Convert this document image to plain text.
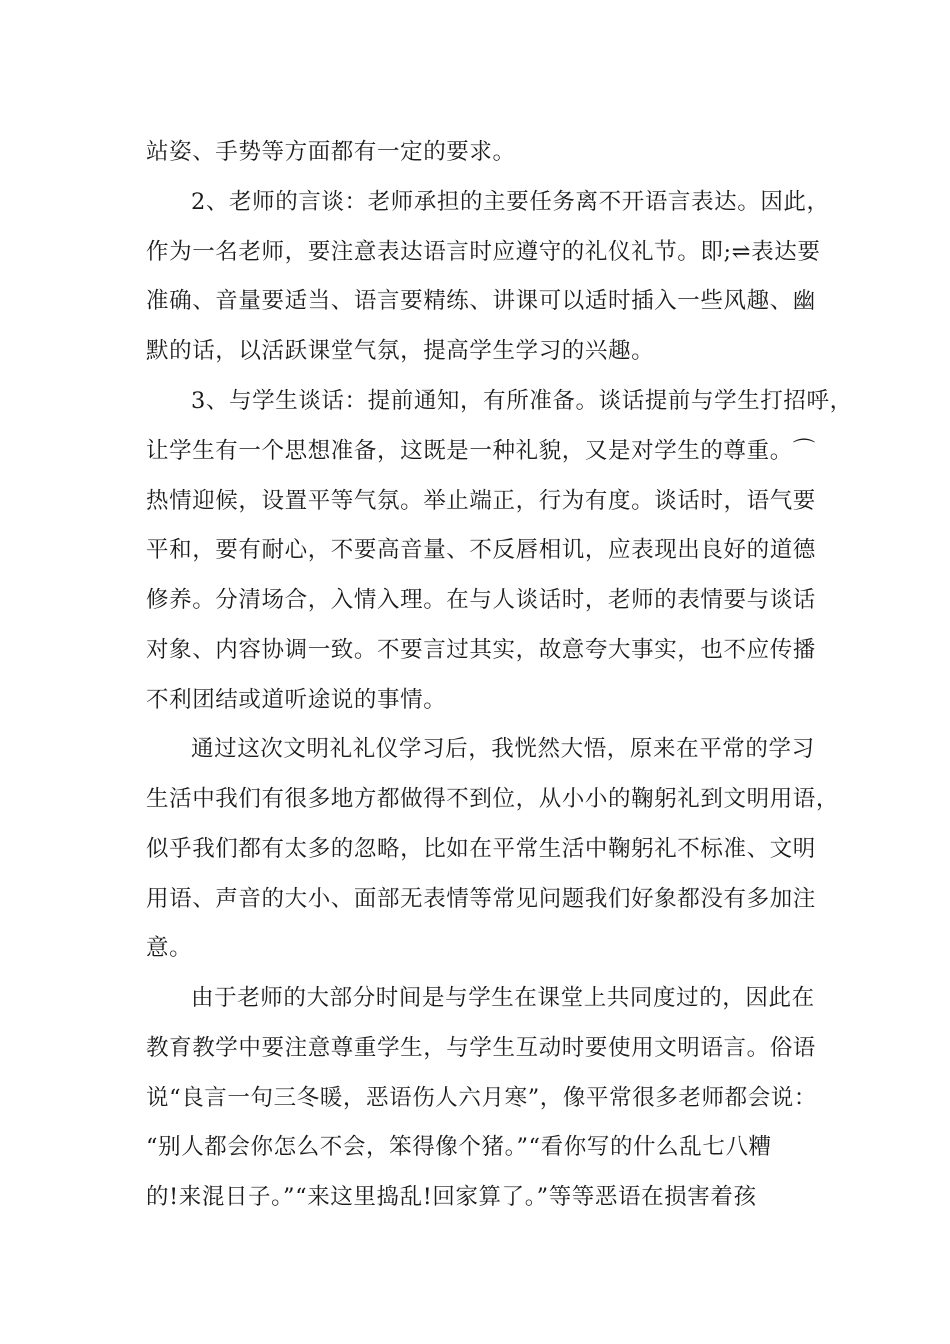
站姿、手势等方面都有一定的要求。
2、老师的言谈：老师承担的主要任务离不开语言表达。因此，
作为一名老师，要注意表达语言时应遵守的礼仪礼节。即;⇌表达要
准确、音量要适当、语言要精练、讲课可以适时插入一些风趣、幽
默的话，以活跃课堂气氛，提高学生学习的兴趣。
3、与学生谈话：提前通知，有所准备。谈话提前与学生打招呼，
让学生有一个思想准备，这既是一种礼貌，又是对学生的尊重。⌒
热情迎候，设置平等气氛。举止端正，行为有度。谈话时，语气要
平和，要有耐心，不要高音量、不反唇相讥，应表现出良好的道德
修养。分清场合，入情入理。在与人谈话时，老师的表情要与谈话
对象、内容协调一致。不要言过其实，故意夸大事实，也不应传播
不利团结或道听途说的事情。
通过这次文明礼礼仪学习后，我恍然大悟，原来在平常的学习
生活中我们有很多地方都做得不到位，从小小的鞠躬礼到文明用语，
似乎我们都有太多的忽略，比如在平常生活中鞠躬礼不标准、文明
用语、声音的大小、面部无表情等常见问题我们好象都没有多加注
意。
由于老师的大部分时间是与学生在课堂上共同度过的，因此在
教育教学中要注意尊重学生，与学生互动时要使用文明语言。俗语
说“良言一句三冬暖，恶语伤人六月寒”，像平常很多老师都会说：
“别人都会你怎么不会，笨得像个猪。”“看你写的什么乱七八糟
的!来混日子。”“来这里捣乱!回家算了。”等等恶语在损害着孩
